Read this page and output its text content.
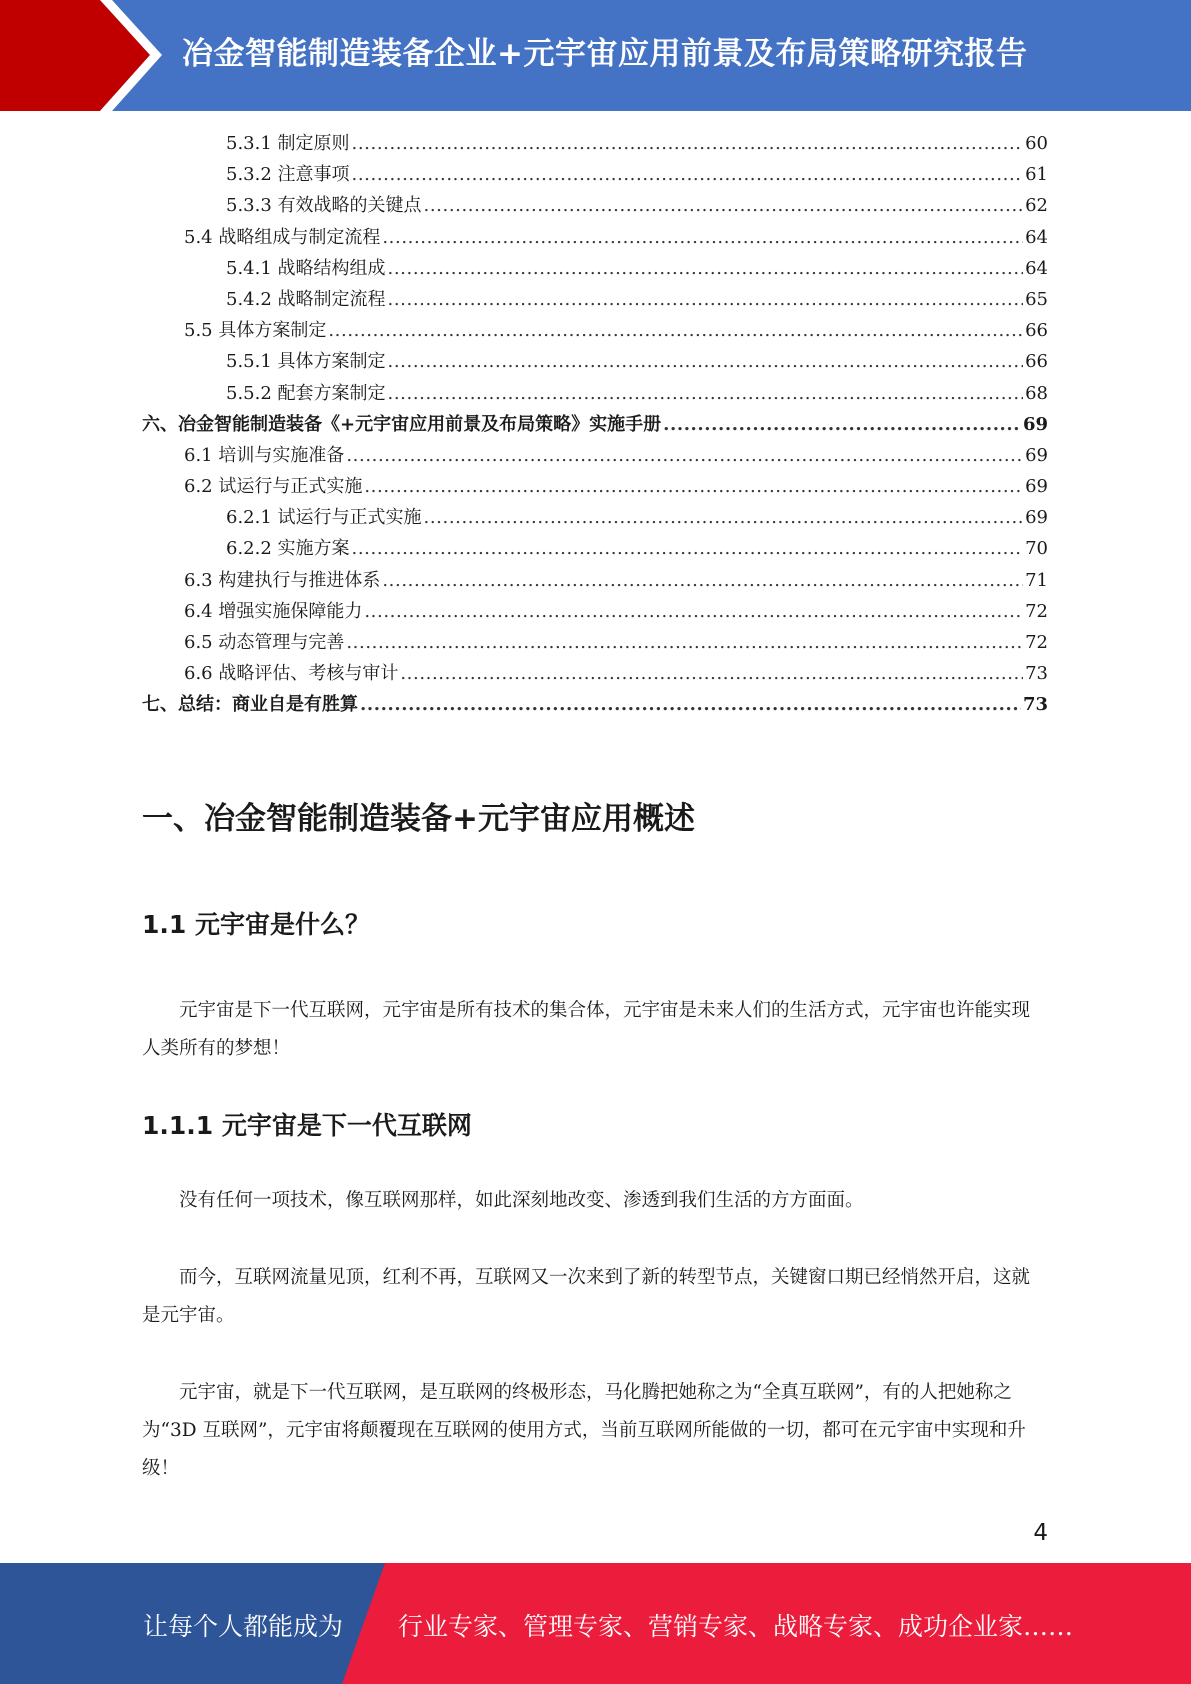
冶金智能制造装备企业+元宇宙应用前景及布局策略研究报告
5.3.1 制定原则 .....	60
5.3.2 注意事项 .....	61
5.3.3 有效战略的关键点 .....	62
5.4 战略组成与制定流程 .....	64
5.4.1 战略结构组成 .....	64
5.4.2 战略制定流程 .....	65
5.5 具体方案制定 .....	66
5.5.1 具体方案制定 .....	66
5.5.2 配套方案制定 .....	68
六、冶金智能制造装备《+元宇宙应用前景及布局策略》实施手册 .....	69
6.1 培训与实施准备 .....	69
6.2 试运行与正式实施 .....	69
6.2.1 试运行与正式实施 .....	69
6.2.2 实施方案 .....	70
6.3 构建执行与推进体系 .....	71
6.4 增强实施保障能力 .....	72
6.5 动态管理与完善 .....	72
6.6 战略评估、考核与审计 .....	73
七、总结：商业自是有胜算 .....	73
一、冶金智能制造装备+元宇宙应用概述
1.1 元宇宙是什么？

元宇宙是下一代互联网，元宇宙是所有技术的集合体，元宇宙是未来人们的生活方式，元宇宙也许能实现人类所有的梦想！

1.1.1 元宇宙是下一代互联网

没有任何一项技术，像互联网那样，如此深刻地改变、渗透到我们生活的方方面面。

而今，互联网流量见顶，红利不再，互联网又一次来到了新的转型节点，关键窗口期已经悄然开启，这就是元宇宙。

元宇宙，就是下一代互联网，是互联网的终极形态，马化腾把她称之为“全真互联网”，有的人把她称之为“3D 互联网”，元宇宙将颠覆现在互联网的使用方式，当前互联网所能做的一切，都可在元宇宙中实现和升级！

4
让每个人都能成为 行业专家、管理专家、营销专家、战略专家、成功企业家……
